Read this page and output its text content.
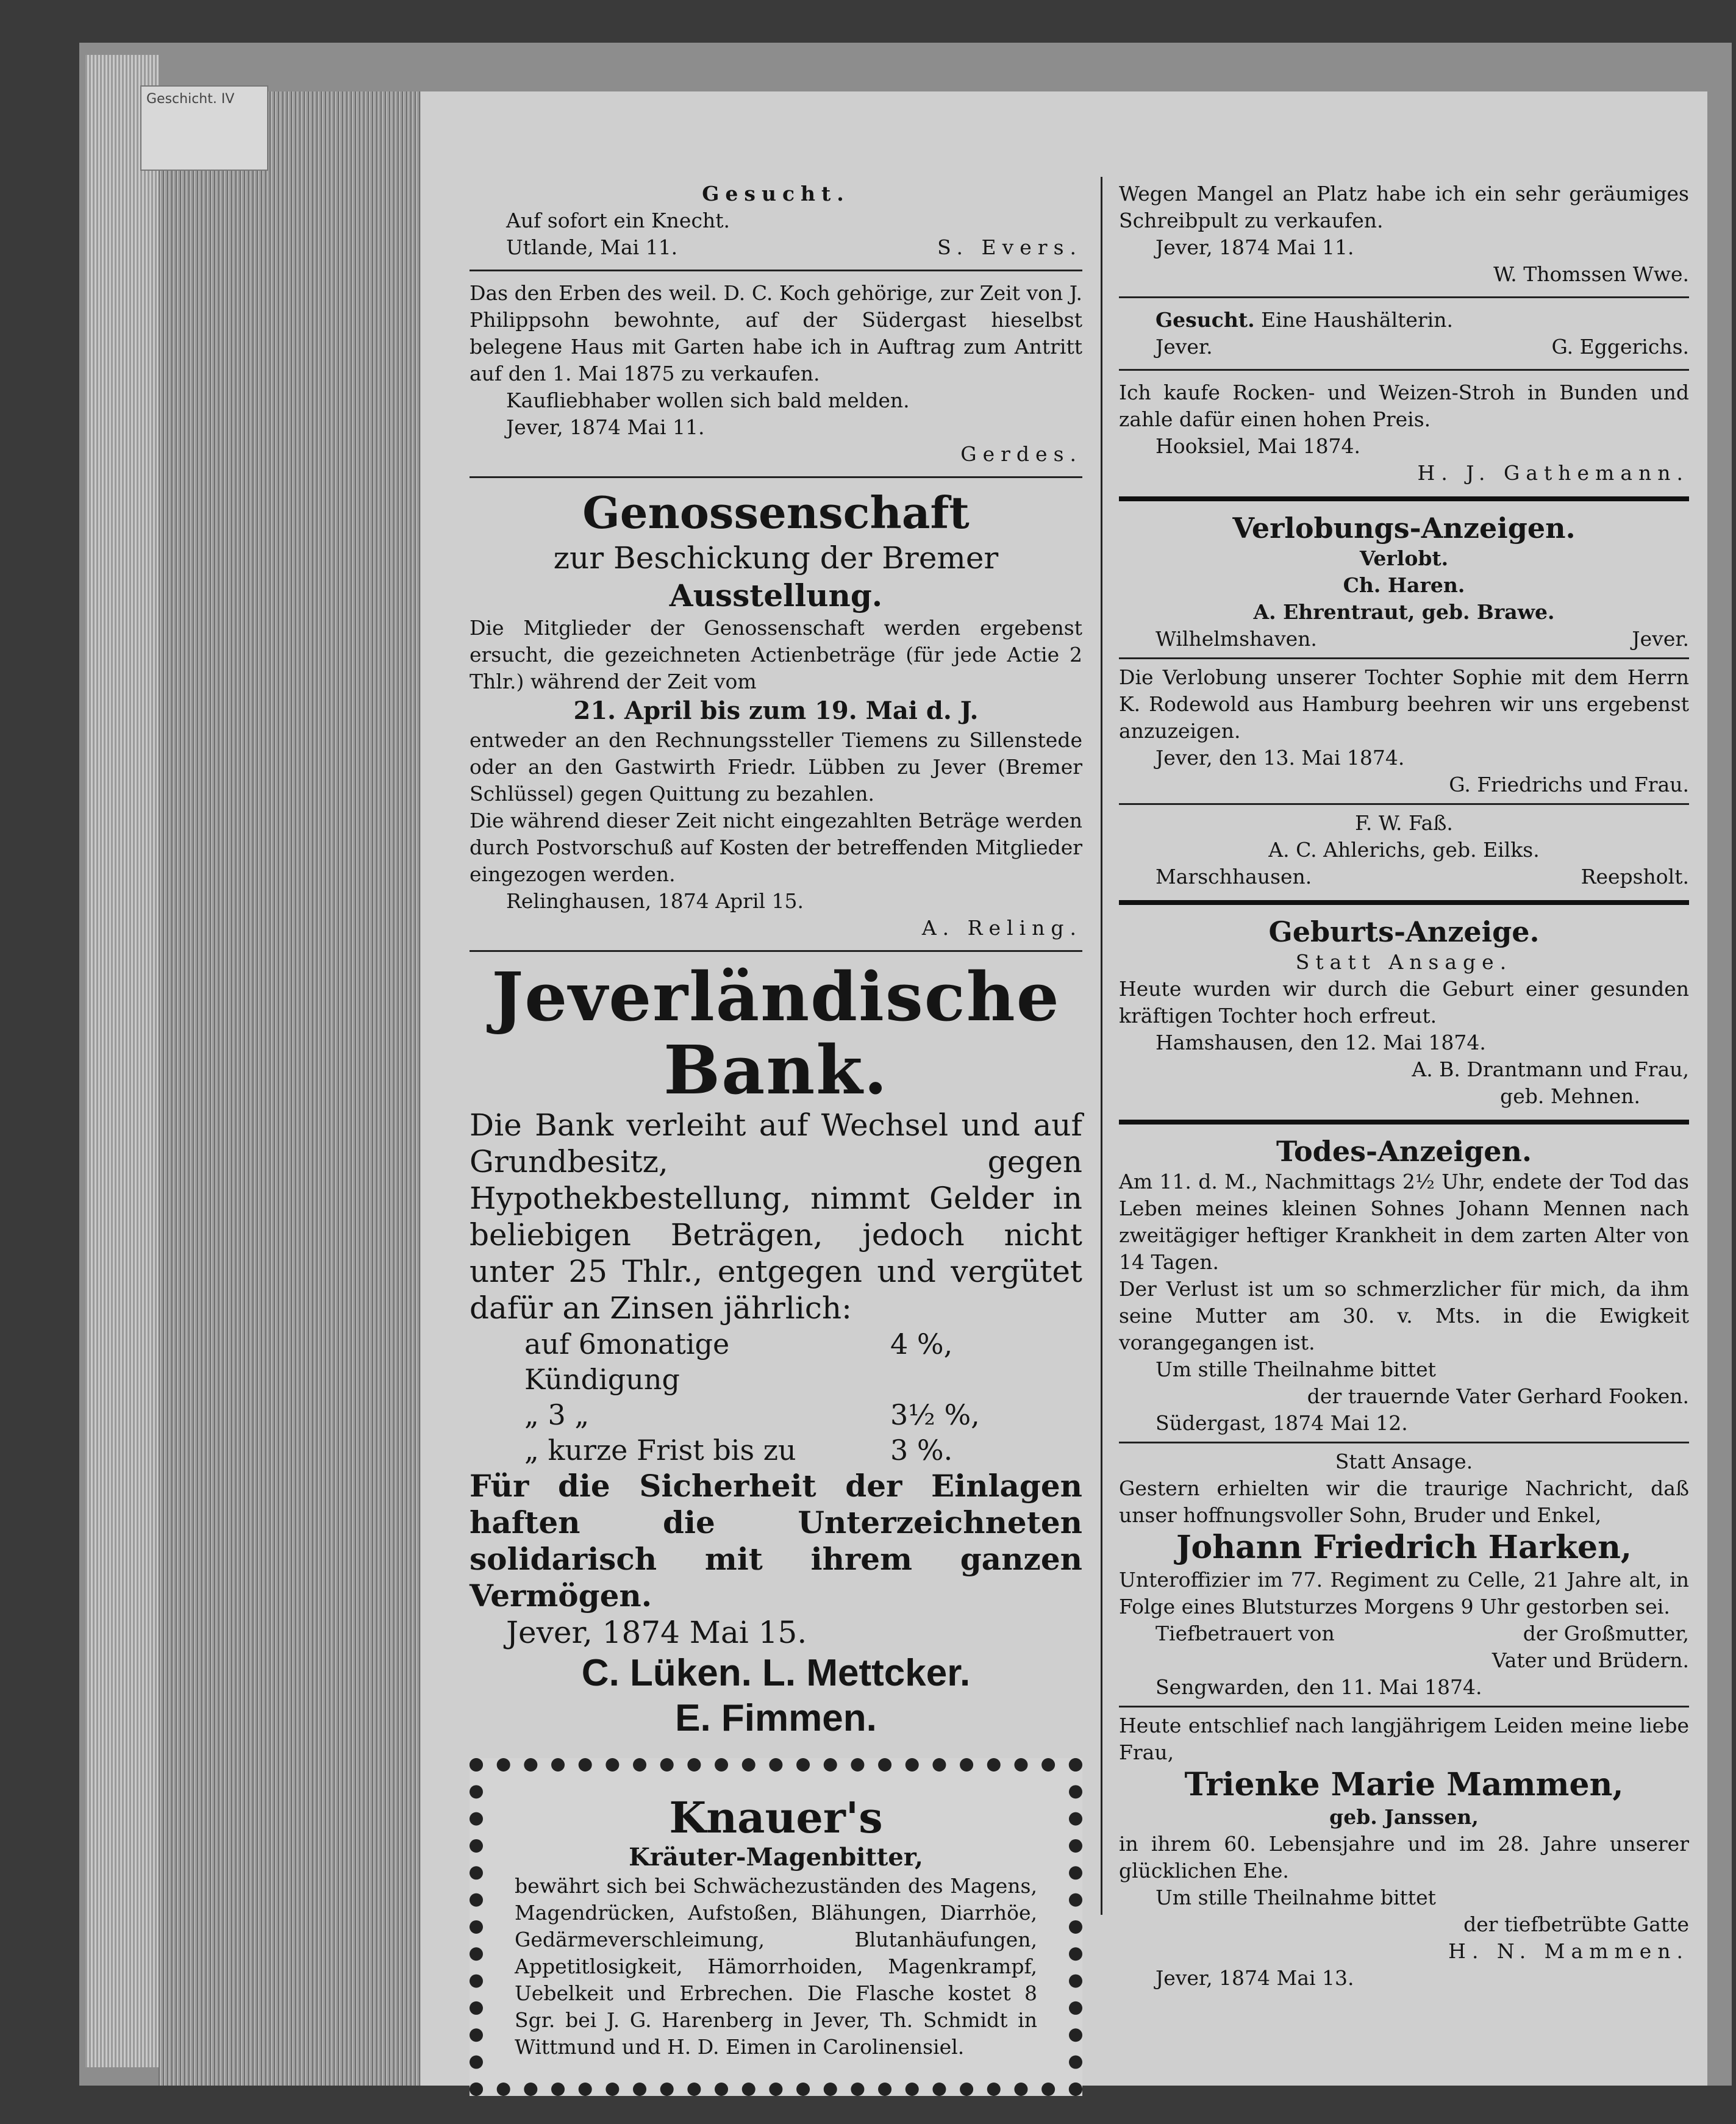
Geschicht. IV

Gesucht.

Auf sofort ein Knecht.

Utlande, Mai 11.	S. Evers.

Das den Erben des weil. D. C. Koch gehörige, zur Zeit von J. Philippsohn bewohnte, auf der Südergast hieselbst belegene Haus mit Garten habe ich in Auftrag zum Antritt auf den 1. Mai 1875 zu verkaufen.

Kaufliebhaber wollen sich bald melden.

Jever, 1874 Mai 11.

Gerdes.

Genossenschaft

zur Beschickung der Bremer

Ausstellung.

Die Mitglieder der Genossenschaft werden ergebenst ersucht, die gezeichneten Actienbeträge (für jede Actie 2 Thlr.) während der Zeit vom

21. April bis zum 19. Mai d. J.

entweder an den Rechnungssteller Tiemens zu Sillenstede oder an den Gastwirth Friedr. Lübben zu Jever (Bremer Schlüssel) gegen Quittung zu bezahlen.

Die während dieser Zeit nicht eingezahlten Beträge werden durch Postvorschuß auf Kosten der betreffenden Mitglieder eingezogen werden.

Relinghausen, 1874 April 15.

A. Reling.

Jeverländische Bank.

Die Bank verleiht auf Wechsel und auf Grundbesitz, gegen Hypothekbestellung, nimmt Gelder in beliebigen Beträgen, jedoch nicht unter 25 Thlr., entgegen und vergütet dafür an Zinsen jährlich:

auf 6monatige Kündigung
4 %,
„ 3 „	3½ %,
„ kurze Frist bis zu	3 %.

Für die Sicherheit der Einlagen haften die Unterzeichneten solidarisch mit ihrem ganzen Vermögen.

Jever, 1874 Mai 15.

C. Lüken. L. Mettcker.

E. Fimmen.

Knauer's

Kräuter-Magenbitter,

bewährt sich bei Schwächezuständen des Magens, Magendrücken, Aufstoßen, Blähungen, Diarrhöe, Gedärmeverschleimung, Blutanhäufungen, Appetitlosigkeit, Hämorrhoiden, Magenkrampf, Uebelkeit und Erbrechen. Die Flasche kostet 8 Sgr. bei J. G. Harenberg in Jever, Th. Schmidt in Wittmund und H. D. Eimen in Carolinensiel.

Wegen Mangel an Platz habe ich ein sehr geräumiges Schreibpult zu verkaufen.

Jever, 1874 Mai 11.

W. Thomssen Wwe.

Gesucht. Eine Haushälterin.

Jever.	G. Eggerichs.

Ich kaufe Rocken- und Weizen-Stroh in Bunden und zahle dafür einen hohen Preis.

Hooksiel, Mai 1874.

H. J. Gathemann.

Verlobungs-Anzeigen.

Verlobt.

Ch. Haren.

A. Ehrentraut, geb. Brawe.

Wilhelmshaven.	Jever.

Die Verlobung unserer Tochter Sophie mit dem Herrn K. Rodewold aus Hamburg beehren wir uns ergebenst anzuzeigen.

Jever, den 13. Mai 1874.

G. Friedrichs und Frau.

F. W. Faß.

A. C. Ahlerichs, geb. Eilks.

Marschhausen.	Reepsholt.

Geburts-Anzeige.

Statt Ansage.

Heute wurden wir durch die Geburt einer gesunden kräftigen Tochter hoch erfreut.

Hamshausen, den 12. Mai 1874.

A. B. Drantmann und Frau,

geb. Mehnen.

Todes-Anzeigen.

Am 11. d. M., Nachmittags 2½ Uhr, endete der Tod das Leben meines kleinen Sohnes Johann Mennen nach zweitägiger heftiger Krankheit in dem zarten Alter von 14 Tagen.

Der Verlust ist um so schmerzlicher für mich, da ihm seine Mutter am 30. v. Mts. in die Ewigkeit vorangegangen ist.

Um stille Theilnahme bittet

der trauernde Vater Gerhard Fooken.

Südergast, 1874 Mai 12.

Statt Ansage.

Gestern erhielten wir die traurige Nachricht, daß unser hoffnungsvoller Sohn, Bruder und Enkel,

Johann Friedrich Harken,

Unteroffizier im 77. Regiment zu Celle, 21 Jahre alt, in Folge eines Blutsturzes Morgens 9 Uhr gestorben sei.

Tiefbetrauert von	der Großmutter,

Vater und Brüdern.

Sengwarden, den 11. Mai 1874.

Heute entschlief nach langjährigem Leiden meine liebe Frau,

Trienke Marie Mammen,

geb. Janssen,

in ihrem 60. Lebensjahre und im 28. Jahre unserer glücklichen Ehe.

Um stille Theilnahme bittet

der tiefbetrübte Gatte

H. N. Mammen.

Jever, 1874 Mai 13.
